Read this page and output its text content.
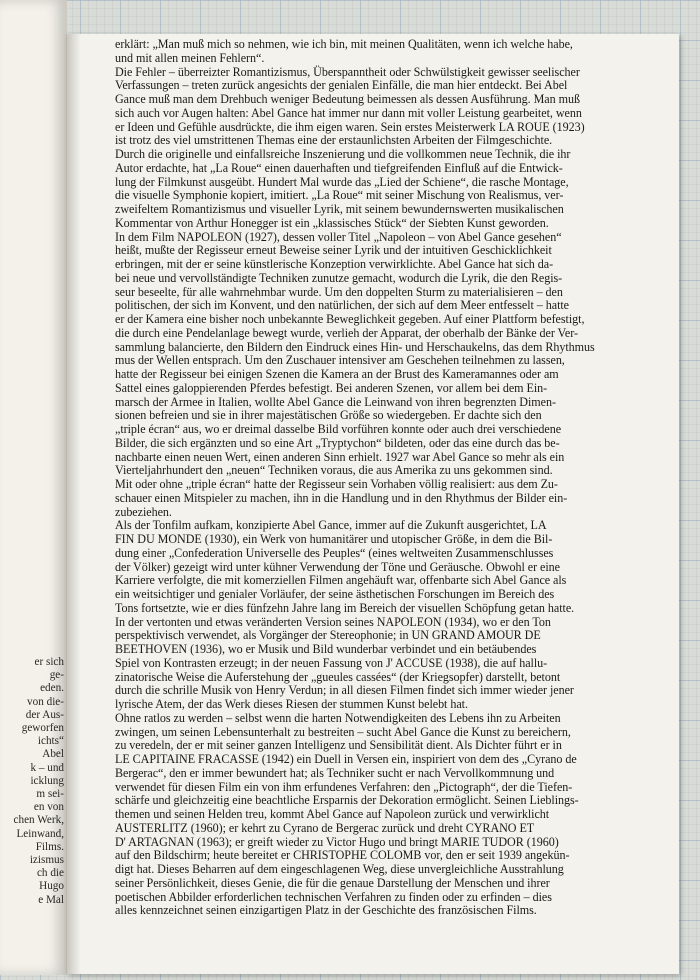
er sich
ge-
eden.
von die-
der Aus-
geworfen
ichts“
Abel
k – und
icklung
m sei-
en von
chen Werk,
Leinwand,
Films.
izismus
ch die
Hugo
e Mal
erklärt: „Man muß mich so nehmen, wie ich bin, mit meinen Qualitäten, wenn ich welche habe,
und mit allen meinen Fehlern“.
Die Fehler – überreizter Romantizismus, Überspanntheit oder Schwülstigkeit gewisser seelischer
Verfassungen – treten zurück angesichts der genialen Einfälle, die man hier entdeckt. Bei Abel
Gance muß man dem Drehbuch weniger Bedeutung beimessen als dessen Ausführung. Man muß
sich auch vor Augen halten: Abel Gance hat immer nur dann mit voller Leistung gearbeitet, wenn
er Ideen und Gefühle ausdrückte, die ihm eigen waren. Sein erstes Meisterwerk LA ROUE (1923)
ist trotz des viel umstrittenen Themas eine der erstaunlichsten Arbeiten der Filmgeschichte.
Durch die originelle und einfallsreiche Inszenierung und die vollkommen neue Technik, die ihr
Autor erdachte, hat „La Roue“ einen dauerhaften und tiefgreifenden Einfluß auf die Entwick-
lung der Filmkunst ausgeübt. Hundert Mal wurde das „Lied der Schiene“, die rasche Montage,
die visuelle Symphonie kopiert, imitiert. „La Roue“ mit seiner Mischung von Realismus, ver-
zweifeltem Romantizismus und visueller Lyrik, mit seinem bewundernswerten musikalischen
Kommentar von Arthur Honegger ist ein „klassisches Stück“ der Siebten Kunst geworden.
In dem Film NAPOLEON (1927), dessen voller Titel „Napoleon – von Abel Gance gesehen“
heißt, mußte der Regisseur erneut Beweise seiner Lyrik und der intuitiven Geschicklichkeit
erbringen, mit der er seine künstlerische Konzeption verwirklichte. Abel Gance hat sich da-
bei neue und vervollständigte Techniken zunutze gemacht, wodurch die Lyrik, die den Regis-
seur beseelte, für alle wahrnehmbar wurde. Um den doppelten Sturm zu materialisieren – den
politischen, der sich im Konvent, und den natürlichen, der sich auf dem Meer entfesselt – hatte
er der Kamera eine bisher noch unbekannte Beweglichkeit gegeben. Auf einer Plattform befestigt,
die durch eine Pendelanlage bewegt wurde, verlieh der Apparat, der oberhalb der Bänke der Ver-
sammlung balancierte, den Bildern den Eindruck eines Hin- und Herschaukelns, das dem Rhythmus
mus der Wellen entsprach. Um den Zuschauer intensiver am Geschehen teilnehmen zu lassen,
hatte der Regisseur bei einigen Szenen die Kamera an der Brust des Kameramannes oder am
Sattel eines galoppierenden Pferdes befestigt. Bei anderen Szenen, vor allem bei dem Ein-
marsch der Armee in Italien, wollte Abel Gance die Leinwand von ihren begrenzten Dimen-
sionen befreien und sie in ihrer majestätischen Größe so wiedergeben. Er dachte sich den
„triple écran“ aus, wo er dreimal dasselbe Bild vorführen konnte oder auch drei verschiedene
Bilder, die sich ergänzten und so eine Art „Tryptychon“ bildeten, oder das eine durch das be-
nachbarte einen neuen Wert, einen anderen Sinn erhielt. 1927 war Abel Gance so mehr als ein
Vierteljahrhundert den „neuen“ Techniken voraus, die aus Amerika zu uns gekommen sind.
Mit oder ohne „triple écran“ hatte der Regisseur sein Vorhaben völlig realisiert: aus dem Zu-
schauer einen Mitspieler zu machen, ihn in die Handlung und in den Rhythmus der Bilder ein-
zubeziehen.
Als der Tonfilm aufkam, konzipierte Abel Gance, immer auf die Zukunft ausgerichtet, LA
FIN DU MONDE (1930), ein Werk von humanitärer und utopischer Größe, in dem die Bil-
dung einer „Confederation Universelle des Peuples“ (eines weltweiten Zusammenschlusses
der Völker) gezeigt wird unter kühner Verwendung der Töne und Geräusche. Obwohl er eine
Karriere verfolgte, die mit komerziellen Filmen angehäuft war, offenbarte sich Abel Gance als
ein weitsichtiger und genialer Vorläufer, der seine ästhetischen Forschungen im Bereich des
Tons fortsetzte, wie er dies fünfzehn Jahre lang im Bereich der visuellen Schöpfung getan hatte.
In der vertonten und etwas veränderten Version seines NAPOLEON (1934), wo er den Ton
perspektivisch verwendet, als Vorgänger der Stereophonie; in UN GRAND AMOUR DE
BEETHOVEN (1936), wo er Musik und Bild wunderbar verbindet und ein betäubendes
Spiel von Kontrasten erzeugt; in der neuen Fassung von J' ACCUSE (1938), die auf hallu-
zinatorische Weise die Auferstehung der „gueules cassées“ (der Kriegsopfer) darstellt, betont
durch die schrille Musik von Henry Verdun; in all diesen Filmen findet sich immer wieder jener
lyrische Atem, der das Werk dieses Riesen der stummen Kunst belebt hat.
Ohne ratlos zu werden – selbst wenn die harten Notwendigkeiten des Lebens ihn zu Arbeiten
zwingen, um seinen Lebensunterhalt zu bestreiten – sucht Abel Gance die Kunst zu bereichern,
zu veredeln, der er mit seiner ganzen Intelligenz und Sensibilität dient. Als Dichter führt er in
LE CAPITAINE FRACASSE (1942) ein Duell in Versen ein, inspiriert von dem des „Cyrano de
Bergerac“, den er immer bewundert hat; als Techniker sucht er nach Vervollkommnung und
verwendet für diesen Film ein von ihm erfundenes Verfahren: den „Pictograph“, der die Tiefen-
schärfe und gleichzeitig eine beachtliche Ersparnis der Dekoration ermöglicht. Seinen Lieblings-
themen und seinen Helden treu, kommt Abel Gance auf Napoleon zurück und verwirklicht
AUSTERLITZ (1960); er kehrt zu Cyrano de Bergerac zurück und dreht CYRANO ET
D' ARTAGNAN (1963); er greift wieder zu Victor Hugo und bringt MARIE TUDOR (1960)
auf den Bildschirm; heute bereitet er CHRISTOPHE COLOMB vor, den er seit 1939 angekün-
digt hat. Dieses Beharren auf dem eingeschlagenen Weg, diese unvergleichliche Ausstrahlung
seiner Persönlichkeit, dieses Genie, die für die genaue Darstellung der Menschen und ihrer
poetischen Abbilder erforderlichen technischen Verfahren zu finden oder zu erfinden – dies
alles kennzeichnet seinen einzigartigen Platz in der Geschichte des französischen Films.
